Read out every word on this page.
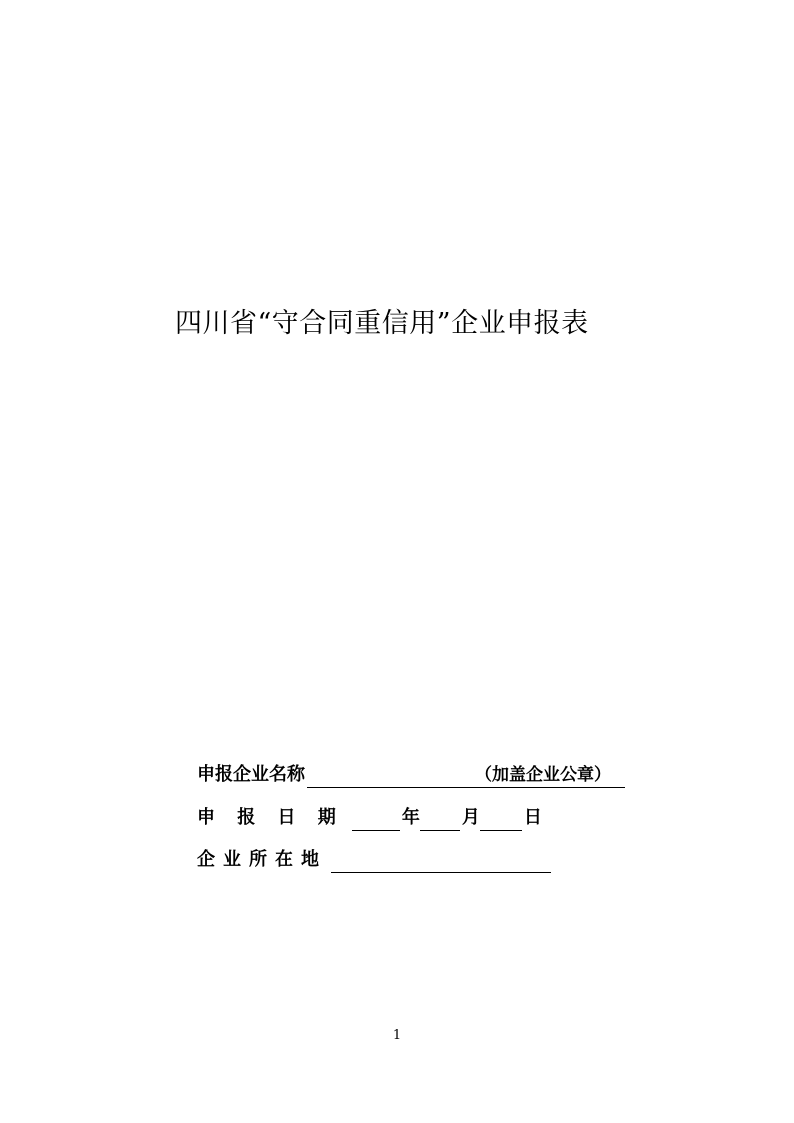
四川省“守合同重信用”企业申报表
申报企业名称	（加盖企业公章）
申 报 日 期	年 月 日
企业所在地
1
